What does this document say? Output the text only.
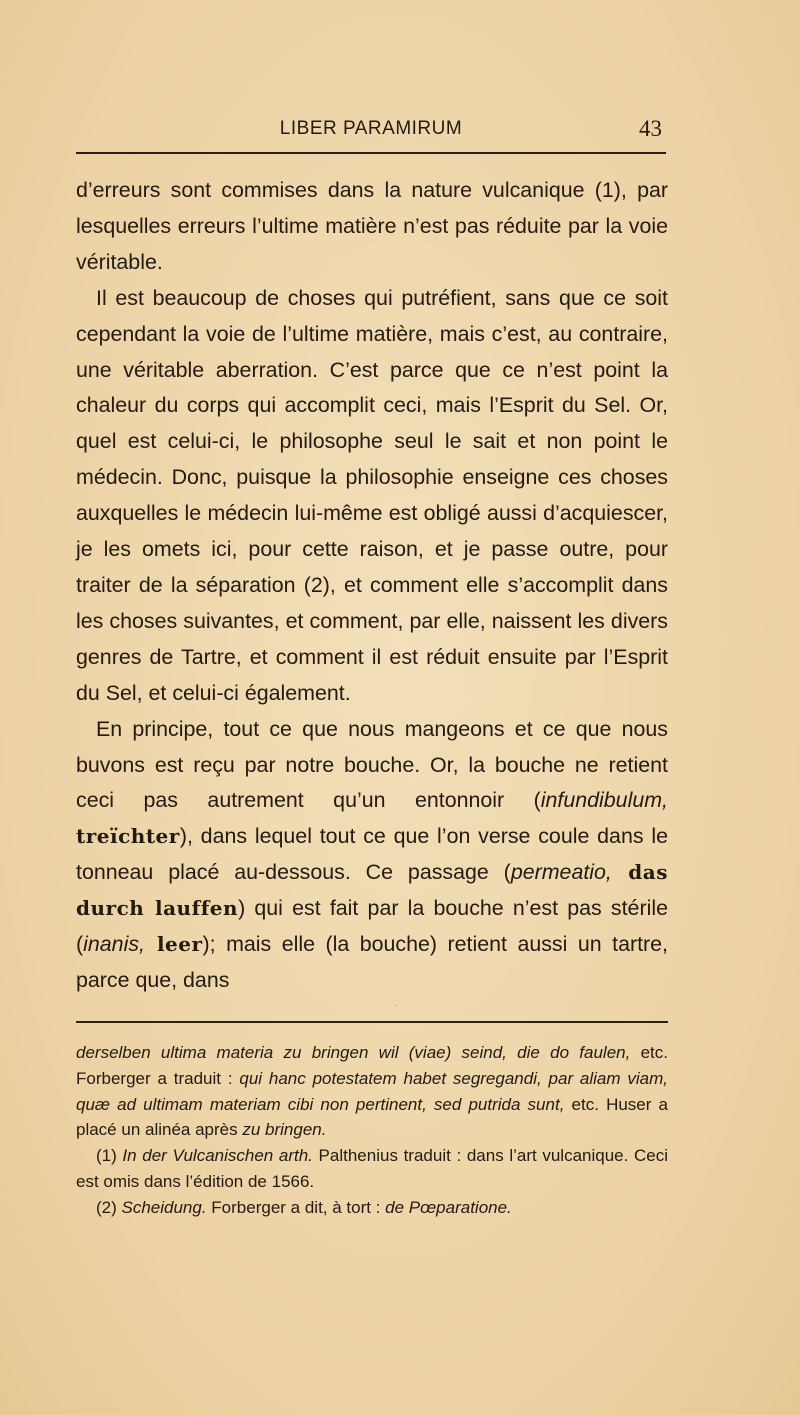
LIBER PARAMIRUM	43

d’erreurs sont commises dans la nature vulcanique (1), par lesquelles erreurs l’ultime matière n’est pas réduite par la voie véritable.

Il est beaucoup de choses qui putréfient, sans que ce soit cependant la voie de l’ultime matière, mais c’est, au contraire, une véritable aberration. C’est parce que ce n’est point la chaleur du corps qui accomplit ceci, mais l’Esprit du Sel. Or, quel est celui-ci, le philosophe seul le sait et non point le médecin. Donc, puisque la philosophie enseigne ces choses auxquelles le médecin lui-même est obligé aussi d’acquiescer, je les omets ici, pour cette raison, et je passe outre, pour traiter de la séparation (2), et comment elle s’accomplit dans les choses suivantes, et comment, par elle, naissent les divers genres de Tartre, et comment il est réduit ensuite par l’Esprit du Sel, et celui-ci également.

En principe, tout ce que nous mangeons et ce que nous buvons est reçu par notre bouche. Or, la bouche ne retient ceci pas autrement qu’un entonnoir (infundibulum, treïchter), dans lequel tout ce que l’on verse coule dans le tonneau placé au-dessous. Ce passage (permeatio, das durch lauffen) qui est fait par la bouche n’est pas stérile (inanis, leer); mais elle (la bouche) retient aussi un tartre, parce que, dans

·

derselben ultima materia zu bringen wil (viae) seind, die do faulen, etc. Forberger a traduit : qui hanc potestatem habet segregandi, par aliam viam, quæ ad ultimam materiam cibi non pertinent, sed putrida sunt, etc. Huser a placé un alinéa après zu bringen.

(1) In der Vulcanischen arth. Palthenius traduit : dans l’art vulcanique. Ceci est omis dans l’édition de 1566.

(2) Scheidung. Forberger a dit, à tort : de Pœparatione.
